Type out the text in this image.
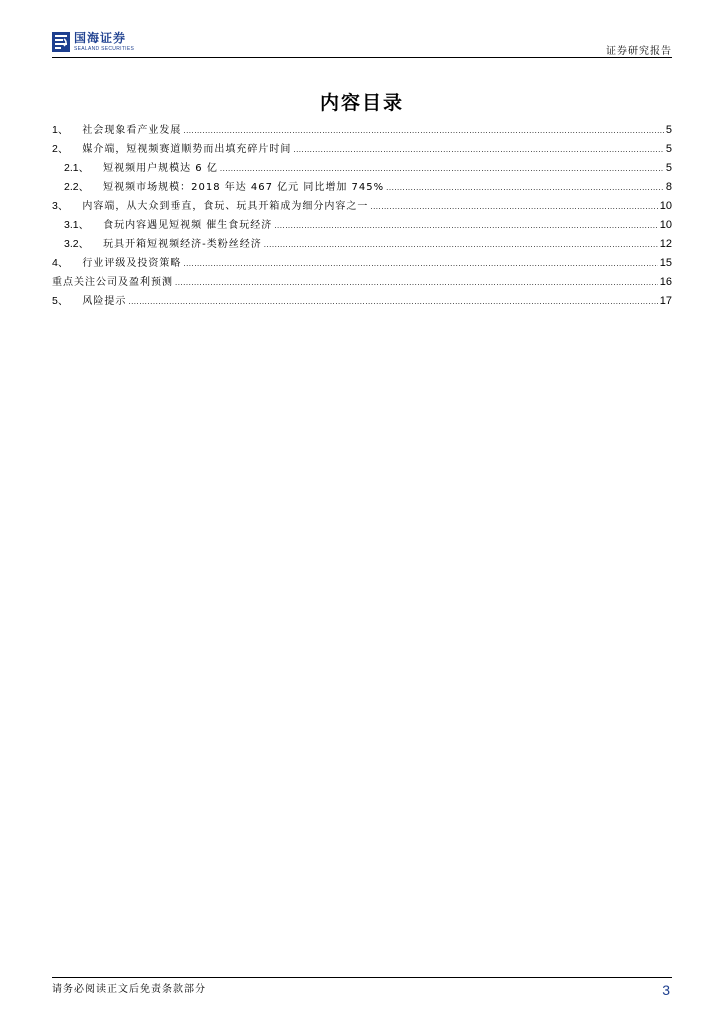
国海证券
SEALAND SECURITIES	证券研究报告
内容目录
1、 社会现象看产业发展 .....	5
2、 媒介端，短视频赛道顺势而出填充碎片时间 .....	5
2.1、 短视频用户规模达 6 亿 .....	5
2.2、 短视频市场规模：2018 年达 467 亿元 同比增加 745% .....	8
3、 内容端，从大众到垂直，食玩、玩具开箱成为细分内容之一 .....	10
3.1、 食玩内容遇见短视频 催生食玩经济 .....	10
3.2、 玩具开箱短视频经济-类粉丝经济 .....	12
4、 行业评级及投资策略 .....	15
重点关注公司及盈利预测 .....	16
5、 风险提示 .....	17
请务必阅读正文后免责条款部分	3
